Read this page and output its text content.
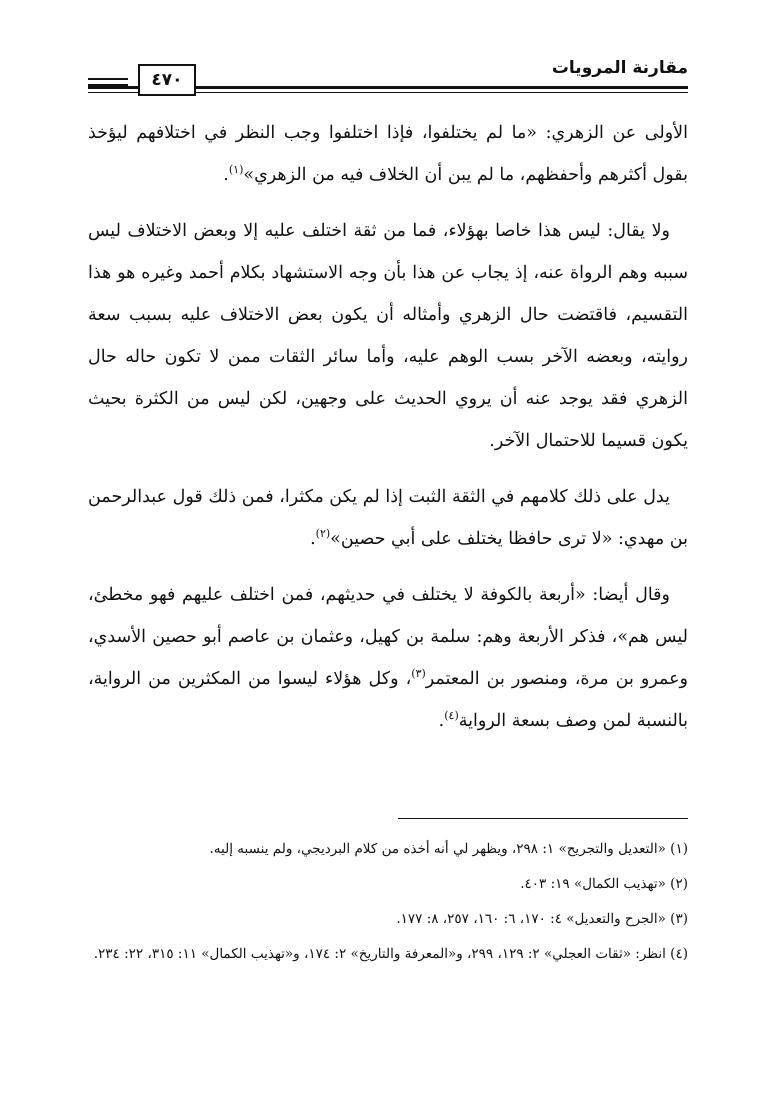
٤٧٠
مقارنة المرويات

الأولى عن الزهري: «ما لم يختلفوا، فإذا اختلفوا وجب النظر في اختلافهم ليؤخذ بقول أكثرهم وأحفظهم، ما لم يبن أن الخلاف فيه من الزهري»$^{(١)}$.

ولا يقال: ليس هذا خاصا بهؤلاء، فما من ثقة اختلف عليه إلا وبعض الاختلاف ليس سببه وهم الرواة عنه، إذ يجاب عن هذا بأن وجه الاستشهاد بكلام أحمد وغيره هو هذا التقسيم، فاقتضت حال الزهري وأمثاله أن يكون بعض الاختلاف عليه بسبب سعة روايته، وبعضه الآخر بسب الوهم عليه، وأما سائر الثقات ممن لا تكون حاله حال الزهري فقد يوجد عنه أن يروي الحديث على وجهين، لكن ليس من الكثرة بحيث يكون قسيما للاحتمال الآخر.

يدل على ذلك كلامهم في الثقة الثبت إذا لم يكن مكثرا، فمن ذلك قول عبدالرحمن بن مهدي: «لا ترى حافظا يختلف على أبي حصين»$^{(٢)}$.

وقال أيضا: «أربعة بالكوفة لا يختلف في حديثهم، فمن اختلف عليهم فهو مخطئ، ليس هم»، فذكر الأربعة وهم: سلمة بن كهيل، وعثمان بن عاصم أبو حصين الأسدي، وعمرو بن مرة، ومنصور بن المعتمر$^{(٣)}$، وكل هؤلاء ليسوا من المكثرين من الرواية، بالنسبة لمن وصف بسعة الرواية$^{(٤)}$.

(١) «التعديل والتجريح» ١: ٢٩٨، ويظهر لي أنه أخذه من كلام البرديجي، ولم ينسبه إليه.

(٢) «تهذيب الكمال» ١٩: ٤٠٣.

(٣) «الجرح والتعديل» ٤: ١٧٠، ٦: ١٦٠، ٢٥٧، ٨: ١٧٧.

(٤) انظر: «ثقات العجلي» ٢: ١٢٩، ٢٩٩، و«المعرفة والتاريخ» ٢: ١٧٤، و«تهذيب الكمال» ١١: ٣١٥، ٢٢: ٢٣٤.
